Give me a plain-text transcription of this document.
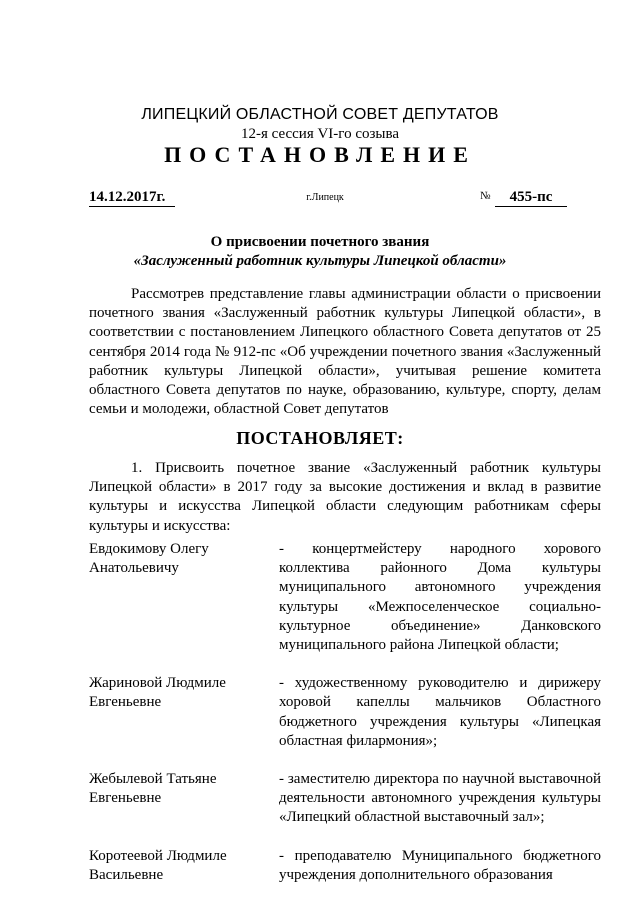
ЛИПЕЦКИЙ ОБЛАСТНОЙ СОВЕТ ДЕПУТАТОВ
12-я сессия VI-го созыва
ПОСТАНОВЛЕНИЕ
14.12.2017г.	г.Липецк	№	455-пс
О присвоении почетного звания
«Заслуженный работник культуры Липецкой области»

Рассмотрев представление главы администрации области о присвоении почетного звания «Заслуженный работник культуры Липецкой области», в соответствии с постановлением Липецкого областного Совета депутатов от 25 сентября 2014 года № 912-пс «Об учреждении почетного звания «Заслуженный работник культуры Липецкой области», учитывая решение комитета областного Совета депутатов по науке, образованию, культуре, спорту, делам семьи и молодежи, областной Совет депутатов

ПОСТАНОВЛЯЕТ:

1. Присвоить почетное звание «Заслуженный работник культуры Липецкой области» в 2017 году за высокие достижения и вклад в развитие культуры и искусства Липецкой области следующим работникам сферы культуры и искусства:

Евдокимову Олегу Анатольевичу
- концертмейстеру народного хорового коллектива районного Дома культуры муниципального автономного учреждения культуры «Межпоселенческое социально-культурное объединение» Данковского муниципального района Липецкой области;
Жариновой Людмиле Евгеньевне
- художественному руководителю и дирижеру хоровой капеллы мальчиков Областного бюджетного учреждения культуры «Липецкая областная филармония»;
Жебылевой Татьяне Евгеньевне
- заместителю директора по научной выставочной деятельности автономного учреждения культуры «Липецкий областной выставочный зал»;
Коротеевой Людмиле Васильевне
- преподавателю Муниципального бюджетного учреждения дополнительного образования
